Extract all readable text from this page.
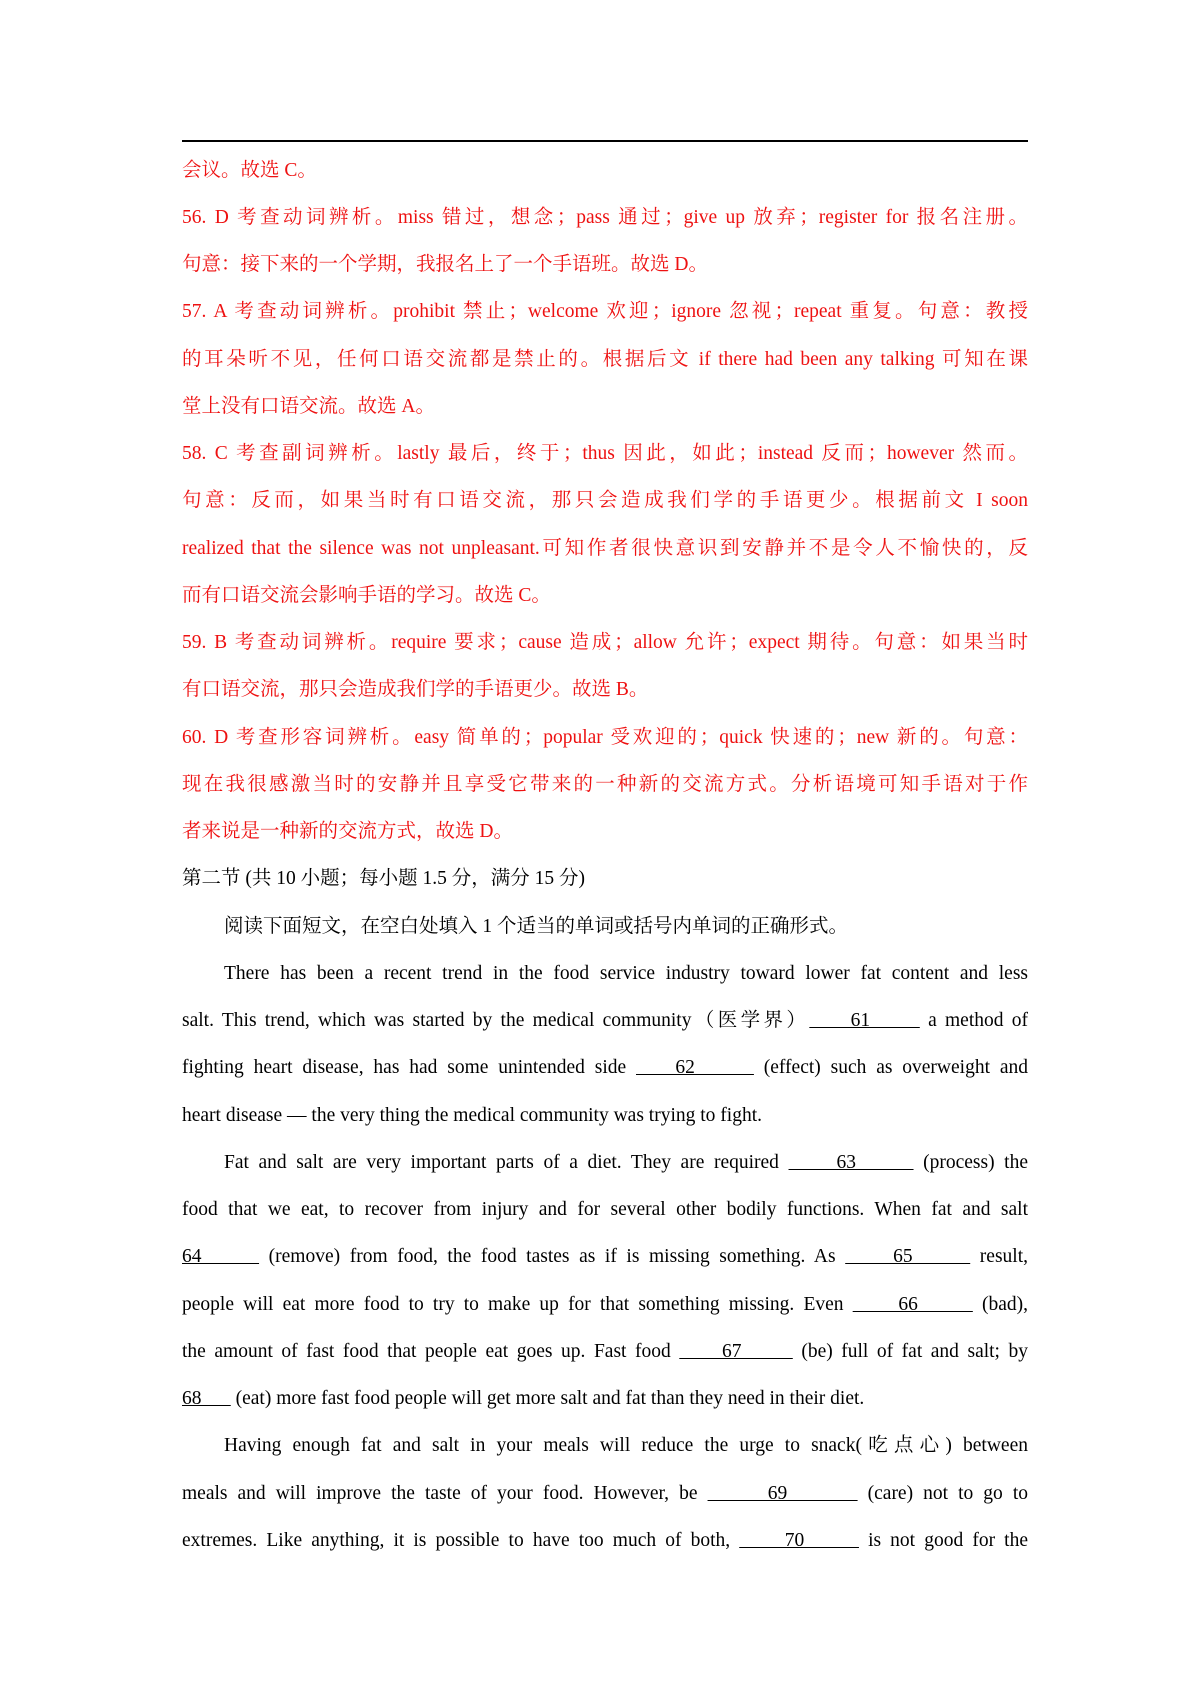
会议。故选 C。
56. D 考查动词辨析。miss 错过，想念；pass 通过；give up 放弃；register for 报名注册。
句意：接下来的一个学期，我报名上了一个手语班。故选 D。
57. A 考查动词辨析。prohibit 禁止；welcome 欢迎；ignore 忽视；repeat 重复。句意：教授
的耳朵听不见，任何口语交流都是禁止的。根据后文 if there had been any talking 可知在课
堂上没有口语交流。故选 A。
58. C 考查副词辨析。lastly 最后，终于；thus 因此，如此；instead 反而；however 然而。
句意：反而，如果当时有口语交流，那只会造成我们学的手语更少。根据前文 I soon
realized that the silence was not unpleasant.可知作者很快意识到安静并不是令人不愉快的，反
而有口语交流会影响手语的学习。故选 C。
59. B 考查动词辨析。require 要求；cause 造成；allow 允许；expect 期待。句意：如果当时
有口语交流，那只会造成我们学的手语更少。故选 B。
60. D 考查形容词辨析。easy 简单的；popular 受欢迎的；quick 快速的；new 新的。句意：
现在我很感激当时的安静并且享受它带来的一种新的交流方式。分析语境可知手语对于作
者来说是一种新的交流方式，故选 D。
第二节 (共 10 小题；每小题 1.5 分，满分 15 分)
阅读下面短文，在空白处填入 1 个适当的单词或括号内单词的正确形式。
There has been a recent trend in the food service industry toward lower fat content and less
salt. This trend, which was started by the medical community（医学界）     61       a method of
fighting heart disease, has had some unintended side     62       (effect) such as overweight and
heart disease — the very thing the medical community was trying to fight.
Fat and salt are very important parts of a diet. They are required      63       (process) the
food that we eat, to recover from injury and for several other bodily functions. When fat and salt
64       (remove) from food, the food tastes as if is missing something. As      65       result,
people will eat more food to try to make up for that something missing. Even      66       (bad),
the amount of fast food that people eat goes up. Fast food      67       (be) full of fat and salt; by
68       (eat) more fast food people will get more salt and fat than they need in their diet.
Having enough fat and salt in your meals will reduce the urge to snack(吃点心) between
meals and will improve the taste of your food. However, be       69        (care) not to go to
extremes. Like anything, it is possible to have too much of both,      70       is not good for the
